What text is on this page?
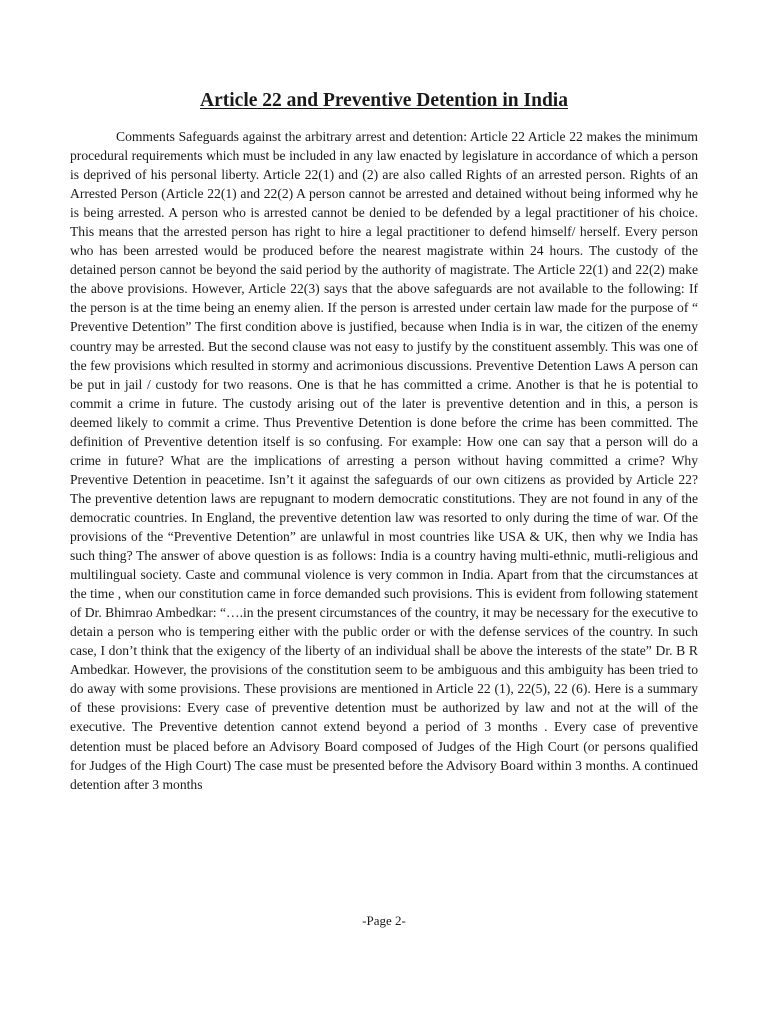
Article 22 and Preventive Detention in India

Comments Safeguards against the arbitrary arrest and detention: Article 22 Article 22 makes the minimum procedural requirements which must be included in any law enacted by legislature in accordance of which a person is deprived of his personal liberty. Article 22(1) and (2) are also called Rights of an arrested person. Rights of an Arrested Person (Article 22(1) and 22(2) A person cannot be arrested and detained without being informed why he is being arrested. A person who is arrested cannot be denied to be defended by a legal practitioner of his choice. This means that the arrested person has right to hire a legal practitioner to defend himself/ herself. Every person who has been arrested would be produced before the nearest magistrate within 24 hours. The custody of the detained person cannot be beyond the said period by the authority of magistrate. The Article 22(1) and 22(2) make the above provisions. However, Article 22(3) says that the above safeguards are not available to the following: If the person is at the time being an enemy alien. If the person is arrested under certain law made for the purpose of “ Preventive Detention” The first condition above is justified, because when India is in war, the citizen of the enemy country may be arrested. But the second clause was not easy to justify by the constituent assembly. This was one of the few provisions which resulted in stormy and acrimonious discussions. Preventive Detention Laws A person can be put in jail / custody for two reasons. One is that he has committed a crime. Another is that he is potential to commit a crime in future. The custody arising out of the later is preventive detention and in this, a person is deemed likely to commit a crime. Thus Preventive Detention is done before the crime has been committed. The definition of Preventive detention itself is so confusing. For example: How one can say that a person will do a crime in future? What are the implications of arresting a person without having committed a crime? Why Preventive Detention in peacetime. Isn’t it against the safeguards of our own citizens as provided by Article 22? The preventive detention laws are repugnant to modern democratic constitutions. They are not found in any of the democratic countries. In England, the preventive detention law was resorted to only during the time of war. Of the provisions of the “Preventive Detention” are unlawful in most countries like USA & UK, then why we India has such thing? The answer of above question is as follows: India is a country having multi-ethnic, mutli-religious and multilingual society. Caste and communal violence is very common in India. Apart from that the circumstances at the time , when our constitution came in force demanded such provisions. This is evident from following statement of Dr. Bhimrao Ambedkar: “….in the present circumstances of the country, it may be necessary for the executive to detain a person who is tempering either with the public order or with the defense services of the country. In such case, I don’t think that the exigency of the liberty of an individual shall be above the interests of the state” Dr. B R Ambedkar. However, the provisions of the constitution seem to be ambiguous and this ambiguity has been tried to do away with some provisions. These provisions are mentioned in Article 22 (1), 22(5), 22 (6). Here is a summary of these provisions: Every case of preventive detention must be authorized by law and not at the will of the executive. The Preventive detention cannot extend beyond a period of 3 months . Every case of preventive detention must be placed before an Advisory Board composed of Judges of the High Court (or persons qualified for Judges of the High Court) The case must be presented before the Advisory Board within 3 months. A continued detention after 3 months

-Page 2-
